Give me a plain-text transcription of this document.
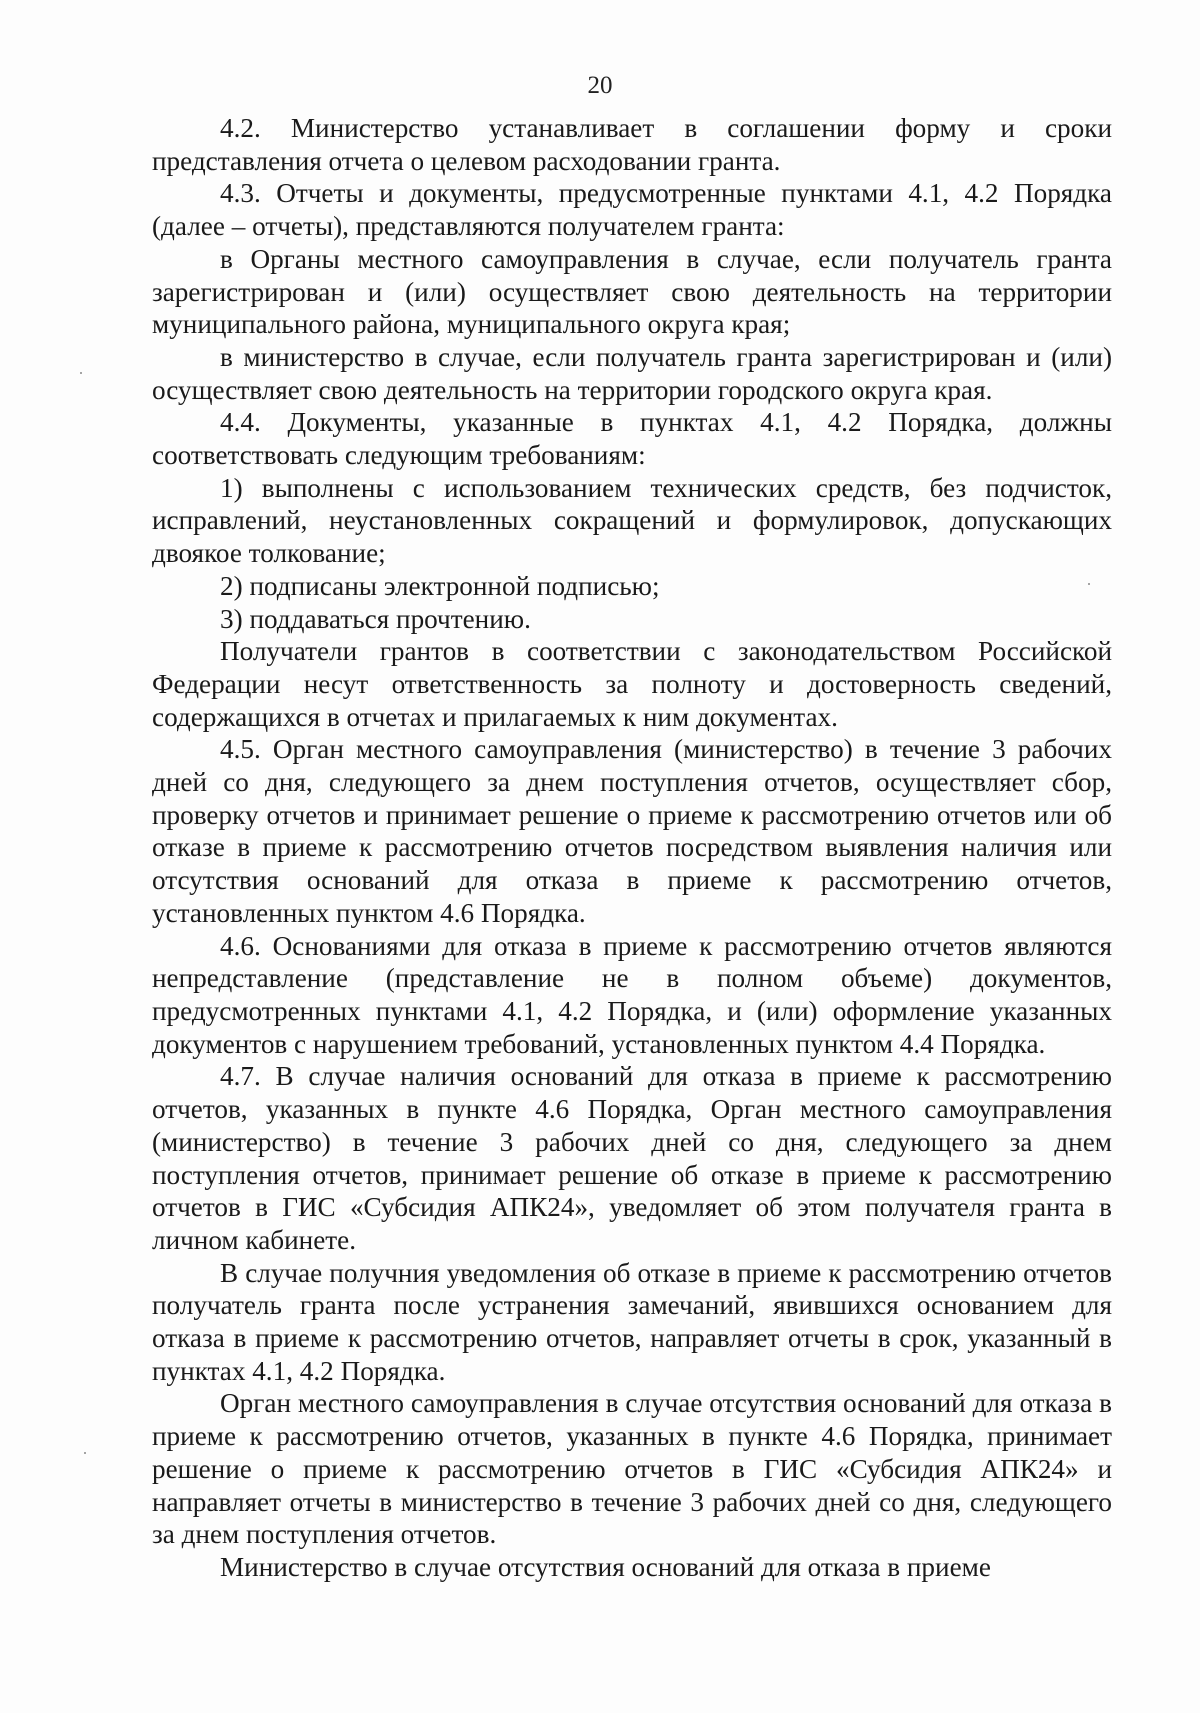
20

4.2. Министерство устанавливает в соглашении форму и сроки представления отчета о целевом расходовании гранта.

4.3. Отчеты и документы, предусмотренные пунктами 4.1, 4.2 Порядка (далее – отчеты), представляются получателем гранта:

в Органы местного самоуправления в случае, если получатель гранта зарегистрирован и (или) осуществляет свою деятельность на территории муниципального района, муниципального округа края;

в министерство в случае, если получатель гранта зарегистрирован и (или) осуществляет свою деятельность на территории городского округа края.

4.4. Документы, указанные в пунктах 4.1, 4.2 Порядка, должны соответствовать следующим требованиям:

1) выполнены с использованием технических средств, без подчисток, исправлений, неустановленных сокращений и формулировок, допускающих двоякое толкование;

2) подписаны электронной подписью;

3) поддаваться прочтению.

Получатели грантов в соответствии с законодательством Российской Федерации несут ответственность за полноту и достоверность сведений, содержащихся в отчетах и прилагаемых к ним документах.

4.5. Орган местного самоуправления (министерство) в течение 3 рабочих дней со дня, следующего за днем поступления отчетов, осуществляет сбор, проверку отчетов и принимает решение о приеме к рассмотрению отчетов или об отказе в приеме к рассмотрению отчетов посредством выявления наличия или отсутствия оснований для отказа в приеме к рассмотрению отчетов, установленных пунктом 4.6 Порядка.

4.6. Основаниями для отказа в приеме к рассмотрению отчетов являются непредставление (представление не в полном объеме) документов, предусмотренных пунктами 4.1, 4.2 Порядка, и (или) оформление указанных документов с нарушением требований, установленных пунктом 4.4 Порядка.

4.7. В случае наличия оснований для отказа в приеме к рассмотрению отчетов, указанных в пункте 4.6 Порядка, Орган местного самоуправления (министерство) в течение 3 рабочих дней со дня, следующего за днем поступления отчетов, принимает решение об отказе в приеме к рассмотрению отчетов в ГИС «Субсидия АПК24», уведомляет об этом получателя гранта в личном кабинете.

В случае получния уведомления об отказе в приеме к рассмотрению отчетов получатель гранта после устранения замечаний, явившихся основанием для отказа в приеме к рассмотрению отчетов, направляет отчеты в срок, указанный в пунктах 4.1, 4.2 Порядка.

Орган местного самоуправления в случае отсутствия оснований для отказа в приеме к рассмотрению отчетов, указанных в пункте 4.6 Порядка, принимает решение о приеме к рассмотрению отчетов в ГИС «Субсидия АПК24» и направляет отчеты в министерство в течение 3 рабочих дней со дня, следующего за днем поступления отчетов.

Министерство в случае отсутствия оснований для отказа в приеме
